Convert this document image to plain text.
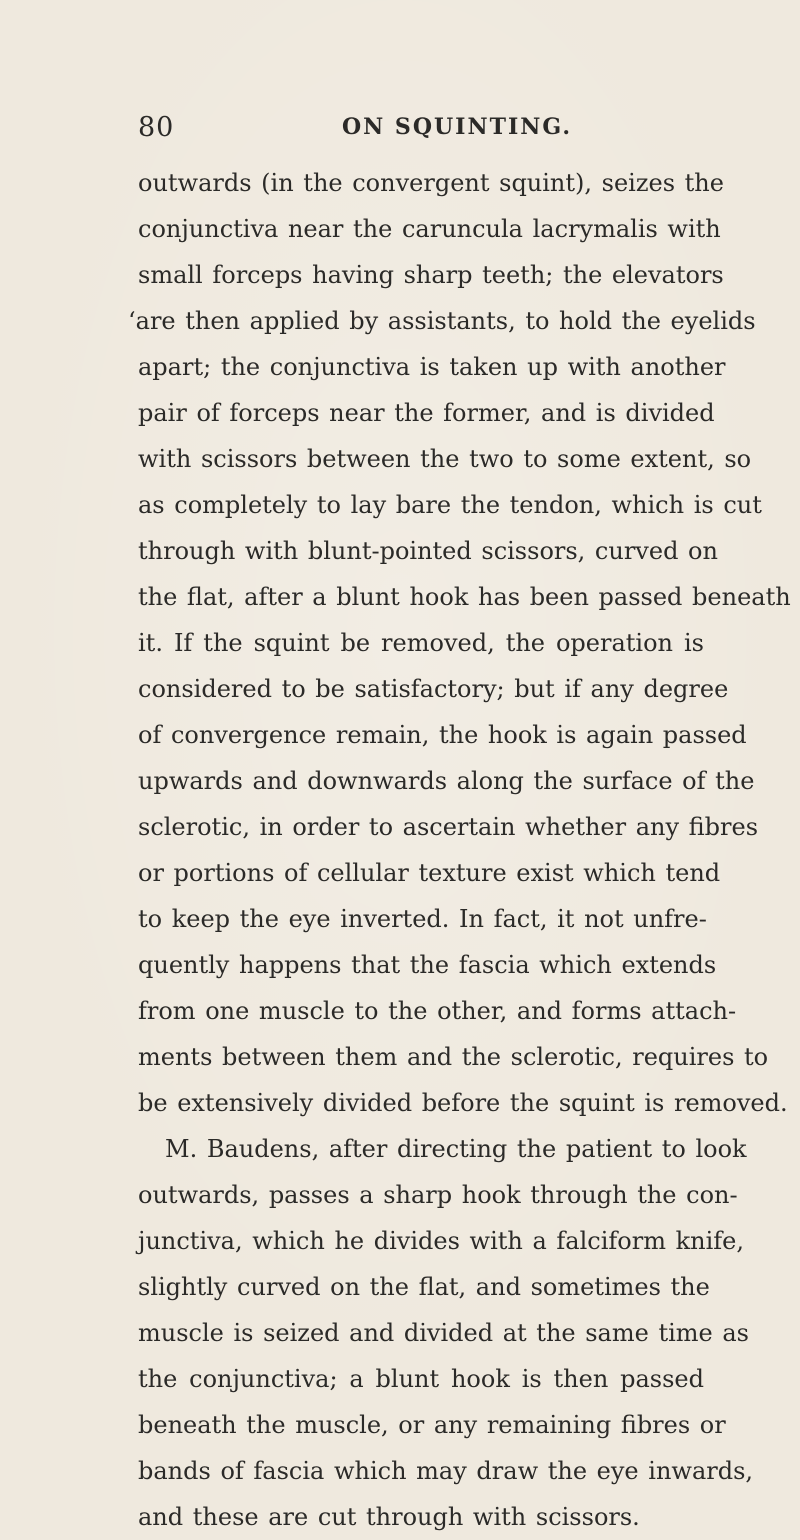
80	ON SQUINTING.
outwards (in the convergent squint), seizes the
conjunctiva near the caruncula lacrymalis with
small forceps having sharp teeth; the elevators
‘are then applied by assistants, to hold the eyelids
apart; the conjunctiva is taken up with another
pair of forceps near the former, and is divided
with scissors between the two to some extent, so
as completely to lay bare the tendon, which is cut
through with blunt-pointed scissors, curved on
the flat, after a blunt hook has been passed beneath
it. If the squint be removed, the operation is
considered to be satisfactory; but if any degree
of convergence remain, the hook is again passed
upwards and downwards along the surface of the
sclerotic, in order to ascertain whether any fibres
or portions of cellular texture exist which tend
to keep the eye inverted. In fact, it not unfre-
quently happens that the fascia which extends
from one muscle to the other, and forms attach-
ments between them and the sclerotic, requires to
be extensively divided before the squint is removed.
M. Baudens, after directing the patient to look
outwards, passes a sharp hook through the con-
junctiva, which he divides with a falciform knife,
slightly curved on the flat, and sometimes the
muscle is seized and divided at the same time as
the conjunctiva; a blunt hook is then passed
beneath the muscle, or any remaining fibres or
bands of fascia which may draw the eye inwards,
and these are cut through with scissors.
